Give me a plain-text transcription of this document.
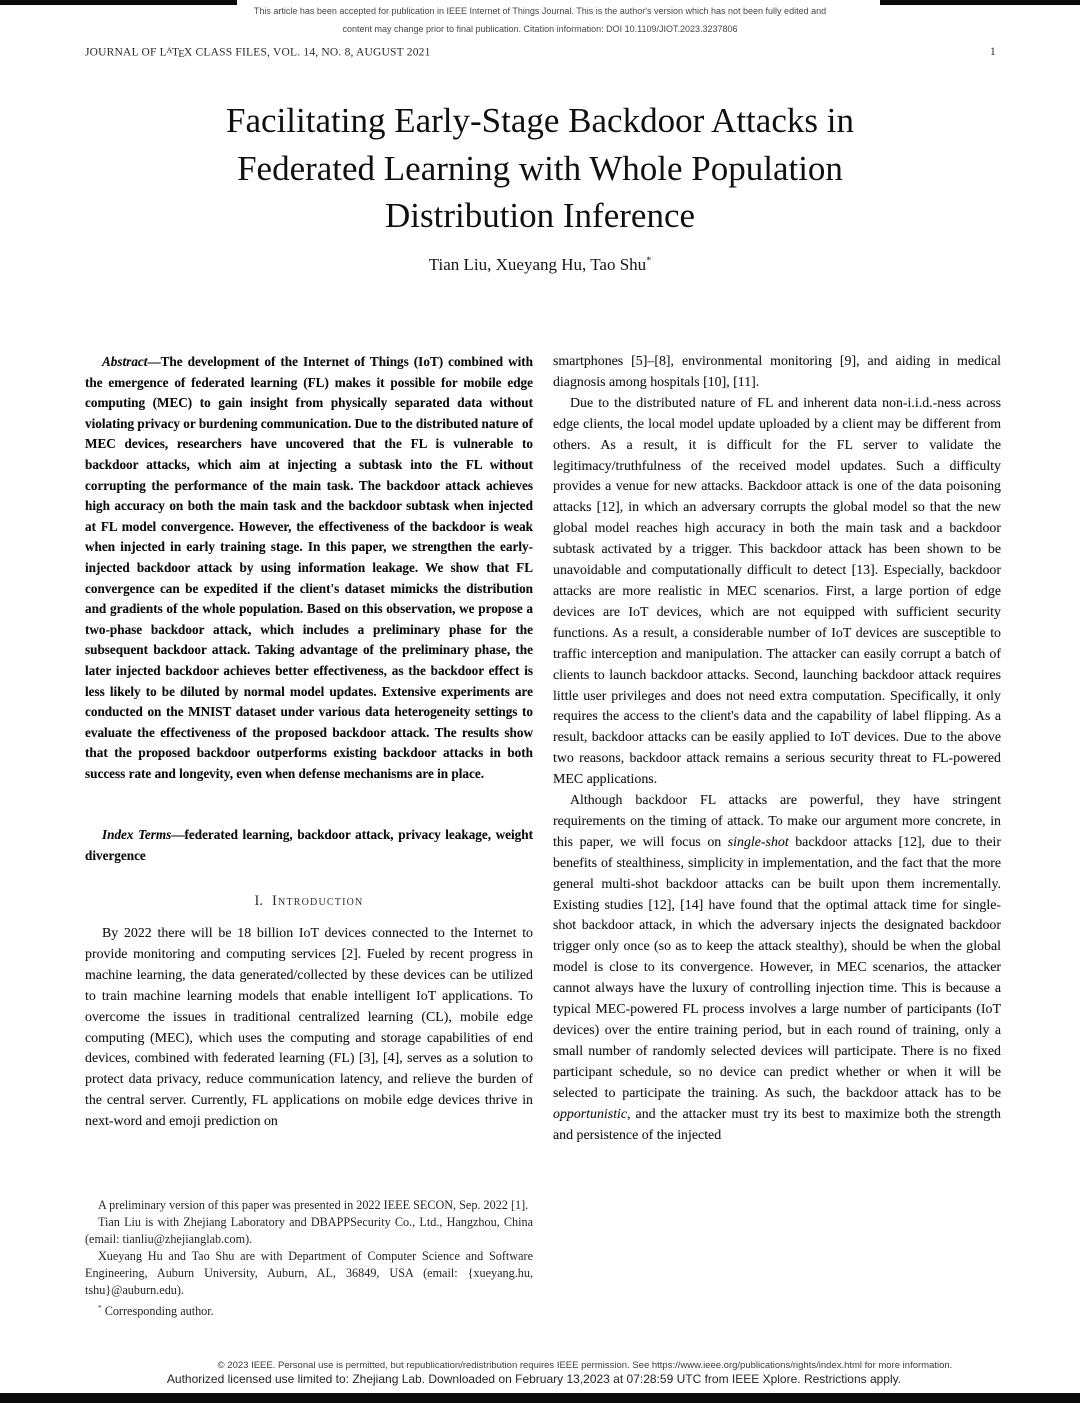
This article has been accepted for publication in IEEE Internet of Things Journal. This is the author's version which has not been fully edited and
content may change prior to final publication. Citation information: DOI 10.1109/JIOT.2023.3237806
JOURNAL OF $L^ATEX$ CLASS FILES, VOL. 14, NO. 8, AUGUST 2021	1
Facilitating Early-Stage Backdoor Attacks in
Federated Learning with Whole Population
Distribution Inference
Tian Liu, Xueyang Hu, Tao Shu*

Abstract—The development of the Internet of Things (IoT) combined with the emergence of federated learning (FL) makes it possible for mobile edge computing (MEC) to gain insight from physically separated data without violating privacy or burdening communication. Due to the distributed nature of MEC devices, researchers have uncovered that the FL is vulnerable to backdoor attacks, which aim at injecting a subtask into the FL without corrupting the performance of the main task. The backdoor attack achieves high accuracy on both the main task and the backdoor subtask when injected at FL model convergence. However, the effectiveness of the backdoor is weak when injected in early training stage. In this paper, we strengthen the early-injected backdoor attack by using information leakage. We show that FL convergence can be expedited if the client's dataset mimicks the distribution and gradients of the whole population. Based on this observation, we propose a two-phase backdoor attack, which includes a preliminary phase for the subsequent backdoor attack. Taking advantage of the preliminary phase, the later injected backdoor achieves better effectiveness, as the backdoor effect is less likely to be diluted by normal model updates. Extensive experiments are conducted on the MNIST dataset under various data heterogeneity settings to evaluate the effectiveness of the proposed backdoor attack. The results show that the proposed backdoor outperforms existing backdoor attacks in both success rate and longevity, even when defense mechanisms are in place.

Index Terms—federated learning, backdoor attack, privacy leakage, weight divergence

I. Introduction

By 2022 there will be 18 billion IoT devices connected to the Internet to provide monitoring and computing services [2]. Fueled by recent progress in machine learning, the data generated/collected by these devices can be utilized to train machine learning models that enable intelligent IoT applications. To overcome the issues in traditional centralized learning (CL), mobile edge computing (MEC), which uses the computing and storage capabilities of end devices, combined with federated learning (FL) [3], [4], serves as a solution to protect data privacy, reduce communication latency, and relieve the burden of the central server. Currently, FL applications on mobile edge devices thrive in next-word and emoji prediction on

A preliminary version of this paper was presented in 2022 IEEE SECON, Sep. 2022 [1].

Tian Liu is with Zhejiang Laboratory and DBAPPSecurity Co., Ltd., Hangzhou, China (email: tianliu@zhejianglab.com).

Xueyang Hu and Tao Shu are with Department of Computer Science and Software Engineering, Auburn University, Auburn, AL, 36849, USA (email: {xueyang.hu, tshu}@auburn.edu).

* Corresponding author.

smartphones [5]–[8], environmental monitoring [9], and aiding in medical diagnosis among hospitals [10], [11].

Due to the distributed nature of FL and inherent data non-i.i.d.-ness across edge clients, the local model update uploaded by a client may be different from others. As a result, it is difficult for the FL server to validate the legitimacy/truthfulness of the received model updates. Such a difficulty provides a venue for new attacks. Backdoor attack is one of the data poisoning attacks [12], in which an adversary corrupts the global model so that the new global model reaches high accuracy in both the main task and a backdoor subtask activated by a trigger. This backdoor attack has been shown to be unavoidable and computationally difficult to detect [13]. Especially, backdoor attacks are more realistic in MEC scenarios. First, a large portion of edge devices are IoT devices, which are not equipped with sufficient security functions. As a result, a considerable number of IoT devices are susceptible to traffic interception and manipulation. The attacker can easily corrupt a batch of clients to launch backdoor attacks. Second, launching backdoor attack requires little user privileges and does not need extra computation. Specifically, it only requires the access to the client's data and the capability of label flipping. As a result, backdoor attacks can be easily applied to IoT devices. Due to the above two reasons, backdoor attack remains a serious security threat to FL-powered MEC applications.

Although backdoor FL attacks are powerful, they have stringent requirements on the timing of attack. To make our argument more concrete, in this paper, we will focus on single-shot backdoor attacks [12], due to their benefits of stealthiness, simplicity in implementation, and the fact that the more general multi-shot backdoor attacks can be built upon them incrementally. Existing studies [12], [14] have found that the optimal attack time for single-shot backdoor attack, in which the adversary injects the designated backdoor trigger only once (so as to keep the attack stealthy), should be when the global model is close to its convergence. However, in MEC scenarios, the attacker cannot always have the luxury of controlling injection time. This is because a typical MEC-powered FL process involves a large number of participants (IoT devices) over the entire training period, but in each round of training, only a small number of randomly selected devices will participate. There is no fixed participant schedule, so no device can predict whether or when it will be selected to participate the training. As such, the backdoor attack has to be opportunistic, and the attacker must try its best to maximize both the strength and persistence of the injected

© 2023 IEEE. Personal use is permitted, but republication/redistribution requires IEEE permission. See https://www.ieee.org/publications/rights/index.html for more information.
Authorized licensed use limited to: Zhejiang Lab. Downloaded on February 13,2023 at 07:28:59 UTC from IEEE Xplore. Restrictions apply.
